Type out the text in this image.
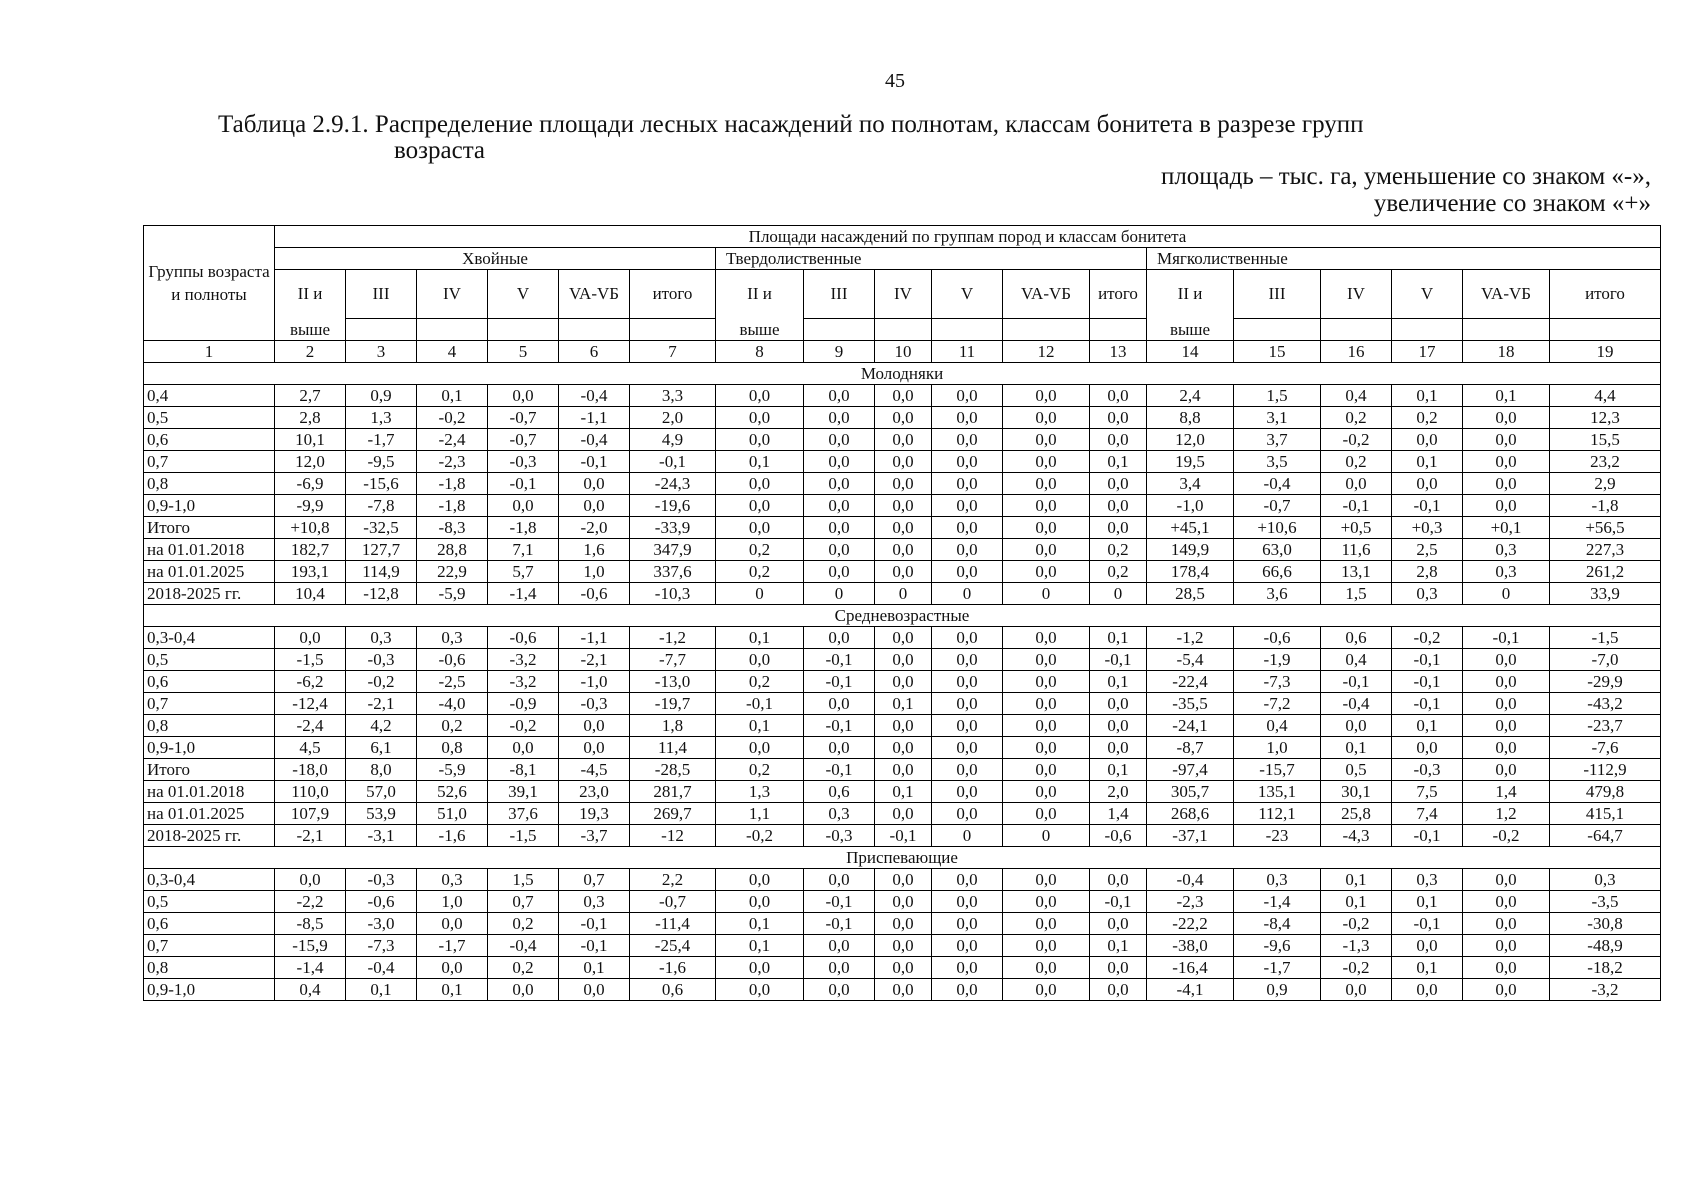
45
Таблица 2.9.1. Распределение площади лесных насаждений по полнотам, классам бонитета в разрезе групп
возраста
площадь – тыс. га, уменьшение со знаком «-»,
увеличение со знаком «+»
Группы возраста и полноты	Площади насаждений по группам пород и классам бонитета																	
	Хвойные						Твердолиственные						Мягколиственные					
	II и	III	IV	V	VA-VБ	итого	II и	III	IV	V	VA-VБ	итого	II и	III	IV	V	VA-VБ	итого
	выше						выше						выше					
1	2	3	4	5	6	7	8	9	10	11	12	13	14	15	16	17	18	19
Молодняки																		
0,4	2,7	0,9	0,1	0,0	-0,4	3,3	0,0	0,0	0,0	0,0	0,0	0,0	2,4	1,5	0,4	0,1	0,1	4,4
0,5	2,8	1,3	-0,2	-0,7	-1,1	2,0	0,0	0,0	0,0	0,0	0,0	0,0	8,8	3,1	0,2	0,2	0,0	12,3
0,6	10,1	-1,7	-2,4	-0,7	-0,4	4,9	0,0	0,0	0,0	0,0	0,0	0,0	12,0	3,7	-0,2	0,0	0,0	15,5
0,7	12,0	-9,5	-2,3	-0,3	-0,1	-0,1	0,1	0,0	0,0	0,0	0,0	0,1	19,5	3,5	0,2	0,1	0,0	23,2
0,8	-6,9	-15,6	-1,8	-0,1	0,0	-24,3	0,0	0,0	0,0	0,0	0,0	0,0	3,4	-0,4	0,0	0,0	0,0	2,9
0,9-1,0	-9,9	-7,8	-1,8	0,0	0,0	-19,6	0,0	0,0	0,0	0,0	0,0	0,0	-1,0	-0,7	-0,1	-0,1	0,0	-1,8
Итого	+10,8	-32,5	-8,3	-1,8	-2,0	-33,9	0,0	0,0	0,0	0,0	0,0	0,0	+45,1	+10,6	+0,5	+0,3	+0,1	+56,5
на 01.01.2018	182,7	127,7	28,8	7,1	1,6	347,9	0,2	0,0	0,0	0,0	0,0	0,2	149,9	63,0	11,6	2,5	0,3	227,3
на 01.01.2025	193,1	114,9	22,9	5,7	1,0	337,6	0,2	0,0	0,0	0,0	0,0	0,2	178,4	66,6	13,1	2,8	0,3	261,2
2018-2025 гг.	10,4	-12,8	-5,9	-1,4	-0,6	-10,3	0	0	0	0	0	0	28,5	3,6	1,5	0,3	0	33,9
Средневозрастные																		
0,3-0,4	0,0	0,3	0,3	-0,6	-1,1	-1,2	0,1	0,0	0,0	0,0	0,0	0,1	-1,2	-0,6	0,6	-0,2	-0,1	-1,5
0,5	-1,5	-0,3	-0,6	-3,2	-2,1	-7,7	0,0	-0,1	0,0	0,0	0,0	-0,1	-5,4	-1,9	0,4	-0,1	0,0	-7,0
0,6	-6,2	-0,2	-2,5	-3,2	-1,0	-13,0	0,2	-0,1	0,0	0,0	0,0	0,1	-22,4	-7,3	-0,1	-0,1	0,0	-29,9
0,7	-12,4	-2,1	-4,0	-0,9	-0,3	-19,7	-0,1	0,0	0,1	0,0	0,0	0,0	-35,5	-7,2	-0,4	-0,1	0,0	-43,2
0,8	-2,4	4,2	0,2	-0,2	0,0	1,8	0,1	-0,1	0,0	0,0	0,0	0,0	-24,1	0,4	0,0	0,1	0,0	-23,7
0,9-1,0	4,5	6,1	0,8	0,0	0,0	11,4	0,0	0,0	0,0	0,0	0,0	0,0	-8,7	1,0	0,1	0,0	0,0	-7,6
Итого	-18,0	8,0	-5,9	-8,1	-4,5	-28,5	0,2	-0,1	0,0	0,0	0,0	0,1	-97,4	-15,7	0,5	-0,3	0,0	-112,9
на 01.01.2018	110,0	57,0	52,6	39,1	23,0	281,7	1,3	0,6	0,1	0,0	0,0	2,0	305,7	135,1	30,1	7,5	1,4	479,8
на 01.01.2025	107,9	53,9	51,0	37,6	19,3	269,7	1,1	0,3	0,0	0,0	0,0	1,4	268,6	112,1	25,8	7,4	1,2	415,1
2018-2025 гг.	-2,1	-3,1	-1,6	-1,5	-3,7	-12	-0,2	-0,3	-0,1	0	0	-0,6	-37,1	-23	-4,3	-0,1	-0,2	-64,7
Приспевающие																		
0,3-0,4	0,0	-0,3	0,3	1,5	0,7	2,2	0,0	0,0	0,0	0,0	0,0	0,0	-0,4	0,3	0,1	0,3	0,0	0,3
0,5	-2,2	-0,6	1,0	0,7	0,3	-0,7	0,0	-0,1	0,0	0,0	0,0	-0,1	-2,3	-1,4	0,1	0,1	0,0	-3,5
0,6	-8,5	-3,0	0,0	0,2	-0,1	-11,4	0,1	-0,1	0,0	0,0	0,0	0,0	-22,2	-8,4	-0,2	-0,1	0,0	-30,8
0,7	-15,9	-7,3	-1,7	-0,4	-0,1	-25,4	0,1	0,0	0,0	0,0	0,0	0,1	-38,0	-9,6	-1,3	0,0	0,0	-48,9
0,8	-1,4	-0,4	0,0	0,2	0,1	-1,6	0,0	0,0	0,0	0,0	0,0	0,0	-16,4	-1,7	-0,2	0,1	0,0	-18,2
0,9-1,0	0,4	0,1	0,1	0,0	0,0	0,6	0,0	0,0	0,0	0,0	0,0	0,0	-4,1	0,9	0,0	0,0	0,0	-3,2
